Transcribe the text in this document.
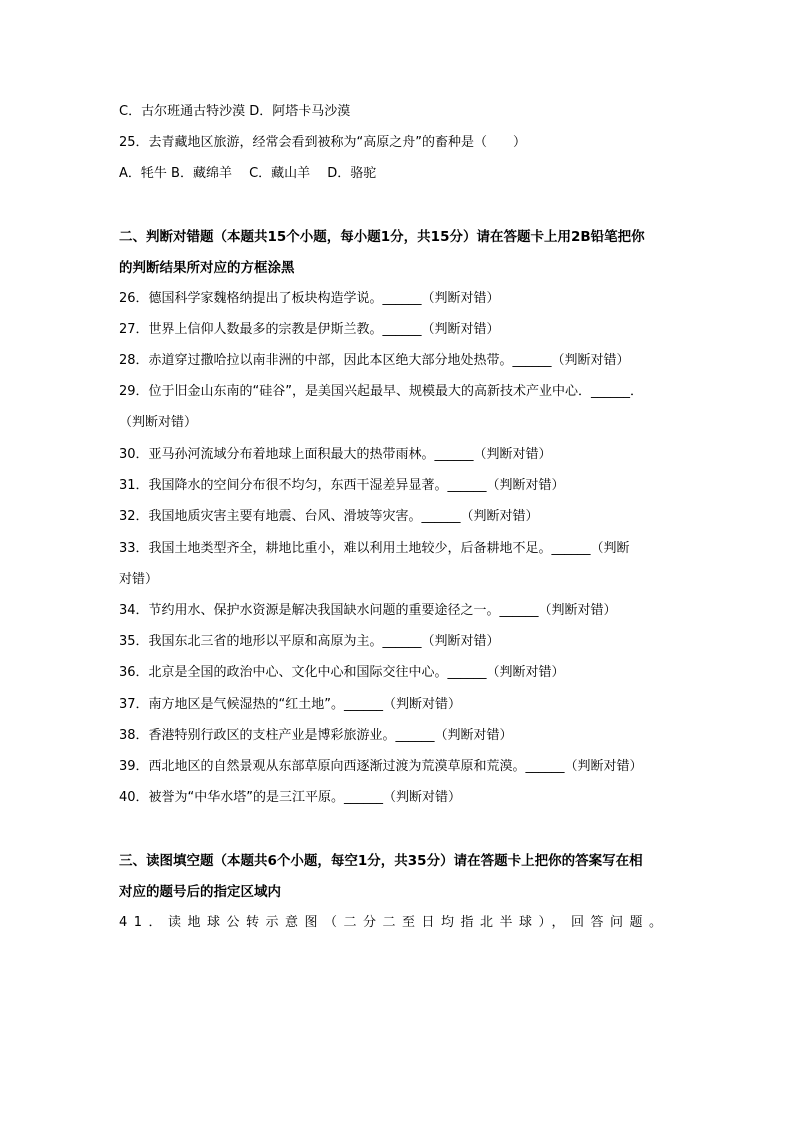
C．古尔班通古特沙漠 D．阿塔卡马沙漠
25．去青藏地区旅游，经常会看到被称为“高原之舟”的畜种是（　　）
A．牦牛 B．藏绵羊　 C．藏山羊　 D．骆驼
二、判断对错题（本题共15个小题，每小题1分，共15分）请在答题卡上用2B铅笔把你
的判断结果所对应的方框涂黑
26．德国科学家魏格纳提出了板块构造学说。______（判断对错）
27．世界上信仰人数最多的宗教是伊斯兰教。______（判断对错）
28．赤道穿过撒哈拉以南非洲的中部，因此本区绝大部分地处热带。______（判断对错）
29．位于旧金山东南的“硅谷”，是美国兴起最早、规模最大的高新技术产业中心．______．
（判断对错）
30．亚马孙河流域分布着地球上面积最大的热带雨林。______（判断对错）
31．我国降水的空间分布很不均匀，东西干湿差异显著。______（判断对错）
32．我国地质灾害主要有地震、台风、滑坡等灾害。______（判断对错）
33．我国土地类型齐全，耕地比重小，难以利用土地较少，后备耕地不足。______（判断
对错）
34．节约用水、保护水资源是解决我国缺水问题的重要途径之一。______（判断对错）
35．我国东北三省的地形以平原和高原为主。______（判断对错）
36．北京是全国的政治中心、文化中心和国际交往中心。______（判断对错）
37．南方地区是气候湿热的“红土地”。______（判断对错）
38．香港特别行政区的支柱产业是博彩旅游业。______（判断对错）
39．西北地区的自然景观从东部草原向西逐渐过渡为荒漠草原和荒漠。______（判断对错）
40．被誉为“中华水塔”的是三江平原。______（判断对错）
三、读图填空题（本题共6个小题，每空1分，共35分）请在答题卡上把你的答案写在相
对应的题号后的指定区域内
41．读地球公转示意图（二分二至日均指北半球），回答问题。
